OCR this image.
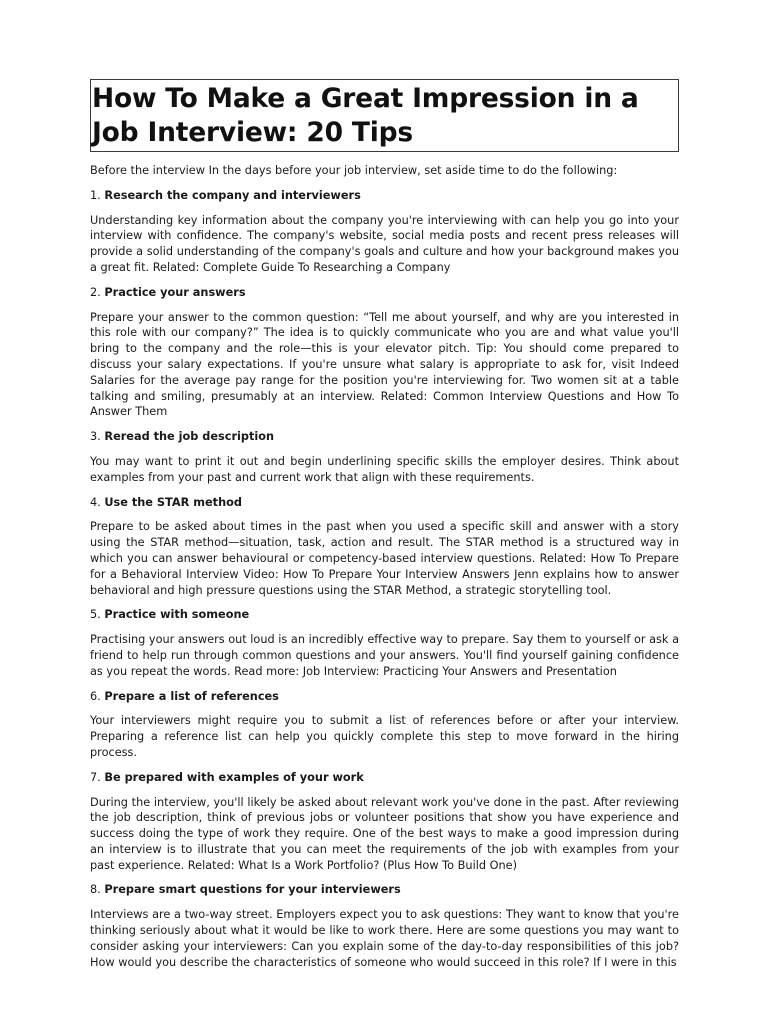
How To Make a Great Impression in a Job Interview: 20 Tips

Before the interview In the days before your job interview, set aside time to do the following:

1. Research the company and interviewers

Understanding key information about the company you're interviewing with can help you go into your interview with confidence. The company's website, social media posts and recent press releases will provide a solid understanding of the company's goals and culture and how your background makes you a great fit. Related: Complete Guide To Researching a Company

2. Practice your answers

Prepare your answer to the common question: “Tell me about yourself, and why are you interested in this role with our company?” The idea is to quickly communicate who you are and what value you'll bring to the company and the role—this is your elevator pitch. Tip: You should come prepared to discuss your salary expectations. If you're unsure what salary is appropriate to ask for, visit Indeed Salaries for the average pay range for the position you're interviewing for. Two women sit at a table talking and smiling, presumably at an interview. Related: Common Interview Questions and How To Answer Them

3. Reread the job description

You may want to print it out and begin underlining specific skills the employer desires. Think about examples from your past and current work that align with these requirements.

4. Use the STAR method

Prepare to be asked about times in the past when you used a specific skill and answer with a story using the STAR method—situation, task, action and result. The STAR method is a structured way in which you can answer behavioural or competency-based interview questions. Related: How To Prepare for a Behavioral Interview Video: How To Prepare Your Interview Answers Jenn explains how to answer behavioral and high pressure questions using the STAR Method, a strategic storytelling tool.

5. Practice with someone

Practising your answers out loud is an incredibly effective way to prepare. Say them to yourself or ask a friend to help run through common questions and your answers. You'll find yourself gaining confidence as you repeat the words. Read more: Job Interview: Practicing Your Answers and Presentation

6. Prepare a list of references

Your interviewers might require you to submit a list of references before or after your interview. Preparing a reference list can help you quickly complete this step to move forward in the hiring process.

7. Be prepared with examples of your work

During the interview, you'll likely be asked about relevant work you've done in the past. After reviewing the job description, think of previous jobs or volunteer positions that show you have experience and success doing the type of work they require. One of the best ways to make a good impression during an interview is to illustrate that you can meet the requirements of the job with examples from your past experience. Related: What Is a Work Portfolio? (Plus How To Build One)

8. Prepare smart questions for your interviewers

Interviews are a two-way street. Employers expect you to ask questions: They want to know that you're thinking seriously about what it would be like to work there. Here are some questions you may want to consider asking your interviewers: Can you explain some of the day-to-day responsibilities of this job? How would you describe the characteristics of someone who would succeed in this role? If I were in this
